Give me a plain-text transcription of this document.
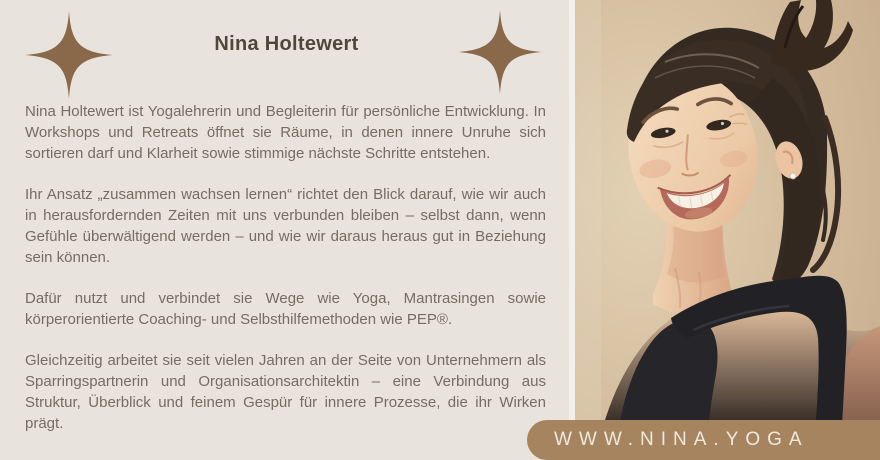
Nina Holtewert

Nina Holtewert ist Yogalehrerin und Begleiterin für persönliche Entwicklung. In Workshops und Retreats öffnet sie Räume, in denen innere Unruhe sich sortieren darf und Klarheit sowie stimmige nächste Schritte entstehen.

Ihr Ansatz „zusammen wachsen lernen“ richtet den Blick darauf, wie wir auch in herausfordernden Zeiten mit uns verbunden bleiben – selbst dann, wenn Gefühle überwältigend werden – und wie wir daraus heraus gut in Beziehung sein können.

Dafür nutzt und verbindet sie Wege wie Yoga, Mantrasingen sowie körperorientierte Coaching- und Selbsthilfemethoden wie PEP®.

Gleichzeitig arbeitet sie seit vielen Jahren an der Seite von Unternehmern als Sparringspartnerin und Organisationsarchitektin – eine Verbindung aus Struktur, Überblick und feinem Gespür für innere Prozesse, die ihr Wirken prägt.

WWW.NINA.YOGA
